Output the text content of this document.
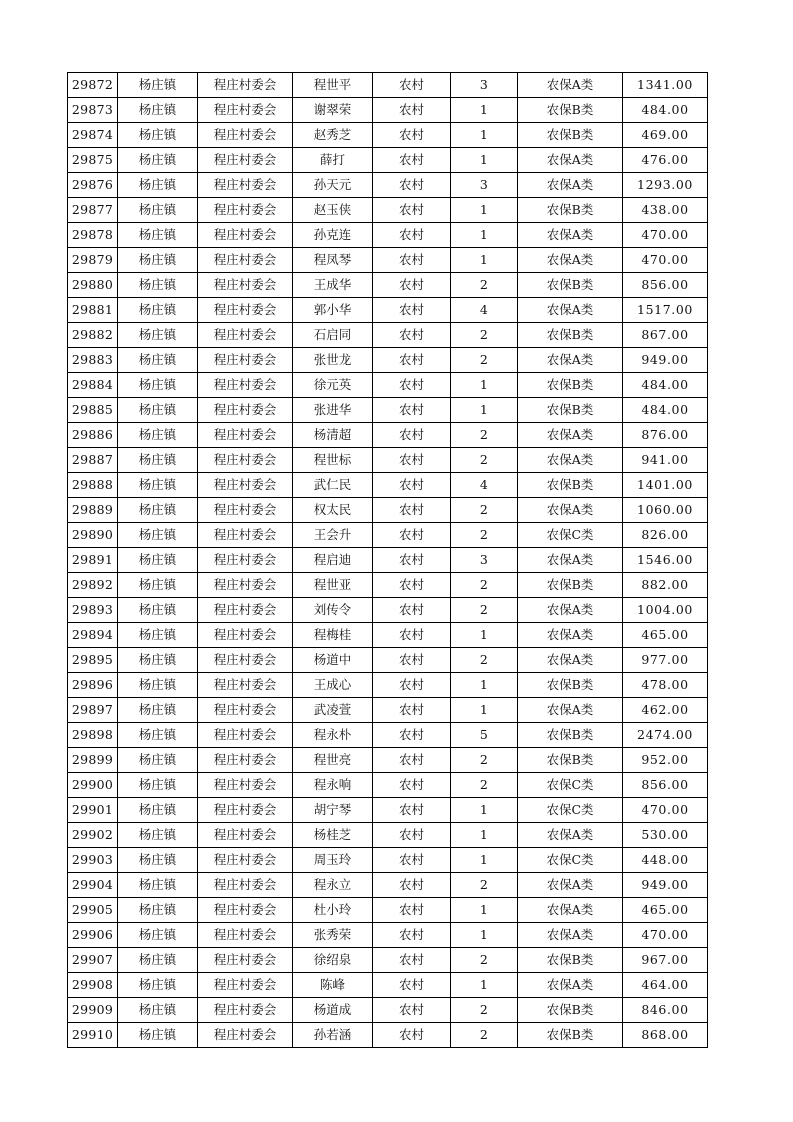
29872	杨庄镇	程庄村委会	程世平	农村	3	农保A类	1341.00
29873	杨庄镇	程庄村委会	谢翠荣	农村	1	农保B类	484.00
29874	杨庄镇	程庄村委会	赵秀芝	农村	1	农保B类	469.00
29875	杨庄镇	程庄村委会	薛打	农村	1	农保A类	476.00
29876	杨庄镇	程庄村委会	孙天元	农村	3	农保A类	1293.00
29877	杨庄镇	程庄村委会	赵玉侠	农村	1	农保B类	438.00
29878	杨庄镇	程庄村委会	孙克连	农村	1	农保A类	470.00
29879	杨庄镇	程庄村委会	程凤琴	农村	1	农保A类	470.00
29880	杨庄镇	程庄村委会	王成华	农村	2	农保B类	856.00
29881	杨庄镇	程庄村委会	郭小华	农村	4	农保A类	1517.00
29882	杨庄镇	程庄村委会	石启同	农村	2	农保B类	867.00
29883	杨庄镇	程庄村委会	张世龙	农村	2	农保A类	949.00
29884	杨庄镇	程庄村委会	徐元英	农村	1	农保B类	484.00
29885	杨庄镇	程庄村委会	张进华	农村	1	农保B类	484.00
29886	杨庄镇	程庄村委会	杨清超	农村	2	农保A类	876.00
29887	杨庄镇	程庄村委会	程世标	农村	2	农保A类	941.00
29888	杨庄镇	程庄村委会	武仁民	农村	4	农保B类	1401.00
29889	杨庄镇	程庄村委会	权太民	农村	2	农保A类	1060.00
29890	杨庄镇	程庄村委会	王会升	农村	2	农保C类	826.00
29891	杨庄镇	程庄村委会	程启迪	农村	3	农保A类	1546.00
29892	杨庄镇	程庄村委会	程世亚	农村	2	农保B类	882.00
29893	杨庄镇	程庄村委会	刘传令	农村	2	农保A类	1004.00
29894	杨庄镇	程庄村委会	程梅桂	农村	1	农保A类	465.00
29895	杨庄镇	程庄村委会	杨道中	农村	2	农保A类	977.00
29896	杨庄镇	程庄村委会	王成心	农村	1	农保B类	478.00
29897	杨庄镇	程庄村委会	武凌萱	农村	1	农保A类	462.00
29898	杨庄镇	程庄村委会	程永朴	农村	5	农保B类	2474.00
29899	杨庄镇	程庄村委会	程世亮	农村	2	农保B类	952.00
29900	杨庄镇	程庄村委会	程永响	农村	2	农保C类	856.00
29901	杨庄镇	程庄村委会	胡宁琴	农村	1	农保C类	470.00
29902	杨庄镇	程庄村委会	杨桂芝	农村	1	农保A类	530.00
29903	杨庄镇	程庄村委会	周玉玲	农村	1	农保C类	448.00
29904	杨庄镇	程庄村委会	程永立	农村	2	农保A类	949.00
29905	杨庄镇	程庄村委会	杜小玲	农村	1	农保A类	465.00
29906	杨庄镇	程庄村委会	张秀荣	农村	1	农保A类	470.00
29907	杨庄镇	程庄村委会	徐绍泉	农村	2	农保B类	967.00
29908	杨庄镇	程庄村委会	陈峰	农村	1	农保A类	464.00
29909	杨庄镇	程庄村委会	杨道成	农村	2	农保B类	846.00
29910	杨庄镇	程庄村委会	孙若涵	农村	2	农保B类	868.00
